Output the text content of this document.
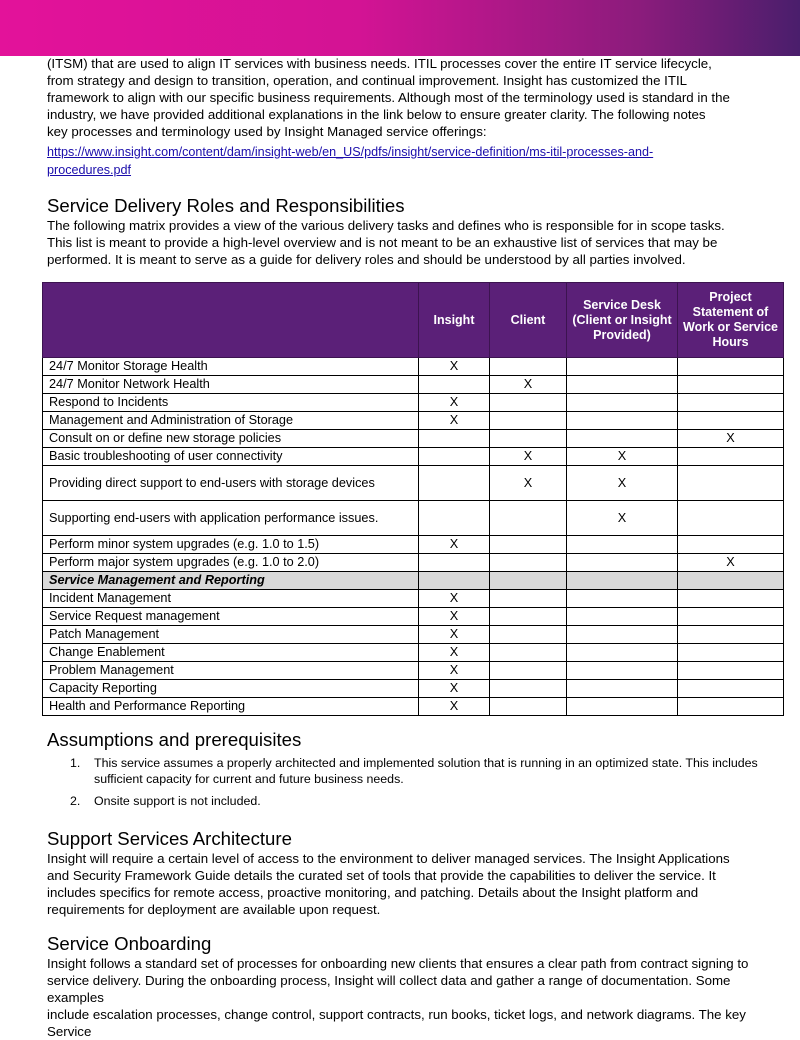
(ITSM) that are used to align IT services with business needs. ITIL processes cover the entire IT service lifecycle,
from strategy and design to transition, operation, and continual improvement. Insight has customized the ITIL
framework to align with our specific business requirements. Although most of the terminology used is standard in the
industry, we have provided additional explanations in the link below to ensure greater clarity. The following notes
key processes and terminology used by Insight Managed service offerings:

https://www.insight.com/content/dam/insight-web/en_US/pdfs/insight/service-definition/ms-itil-processes-and-
procedures.pdf
Service Delivery Roles and Responsibilities

The following matrix provides a view of the various delivery tasks and defines who is responsible for in scope tasks.
This list is meant to provide a high-level overview and is not meant to be an exhaustive list of services that may be
performed. It is meant to serve as a guide for delivery roles and should be understood by all parties involved.

	Insight	Client	Service Desk (Client or Insight Provided)	Project Statement of Work or Service Hours
24/7 Monitor Storage Health	X			
24/7 Monitor Network Health		X		
Respond to Incidents	X			
Management and Administration of Storage	X			
Consult on or define new storage policies				X
Basic troubleshooting of user connectivity		X	X	
Providing direct support to end-users with storage devices		X	X	
Supporting end-users with application performance issues.			X	
Perform minor system upgrades (e.g. 1.0 to 1.5)	X			
Perform major system upgrades (e.g. 1.0 to 2.0)				X
Service Management and Reporting				
Incident Management	X			
Service Request management	X			
Patch Management	X			
Change Enablement	X			
Problem Management	X			
Capacity Reporting	X			
Health and Performance Reporting	X			
Assumptions and prerequisites
1. This service assumes a properly architected and implemented solution that is running in an optimized state. This includes sufficient capacity for current and future business needs.
2. Onsite support is not included.
Support Services Architecture

Insight will require a certain level of access to the environment to deliver managed services. The Insight Applications
and Security Framework Guide details the curated set of tools that provide the capabilities to deliver the service. It
includes specifics for remote access, proactive monitoring, and patching. Details about the Insight platform and
requirements for deployment are available upon request.

Service Onboarding

Insight follows a standard set of processes for onboarding new clients that ensures a clear path from contract signing to
service delivery. During the onboarding process, Insight will collect data and gather a range of documentation. Some examples
include escalation processes, change control, support contracts, run books, ticket logs, and network diagrams. The key Service
